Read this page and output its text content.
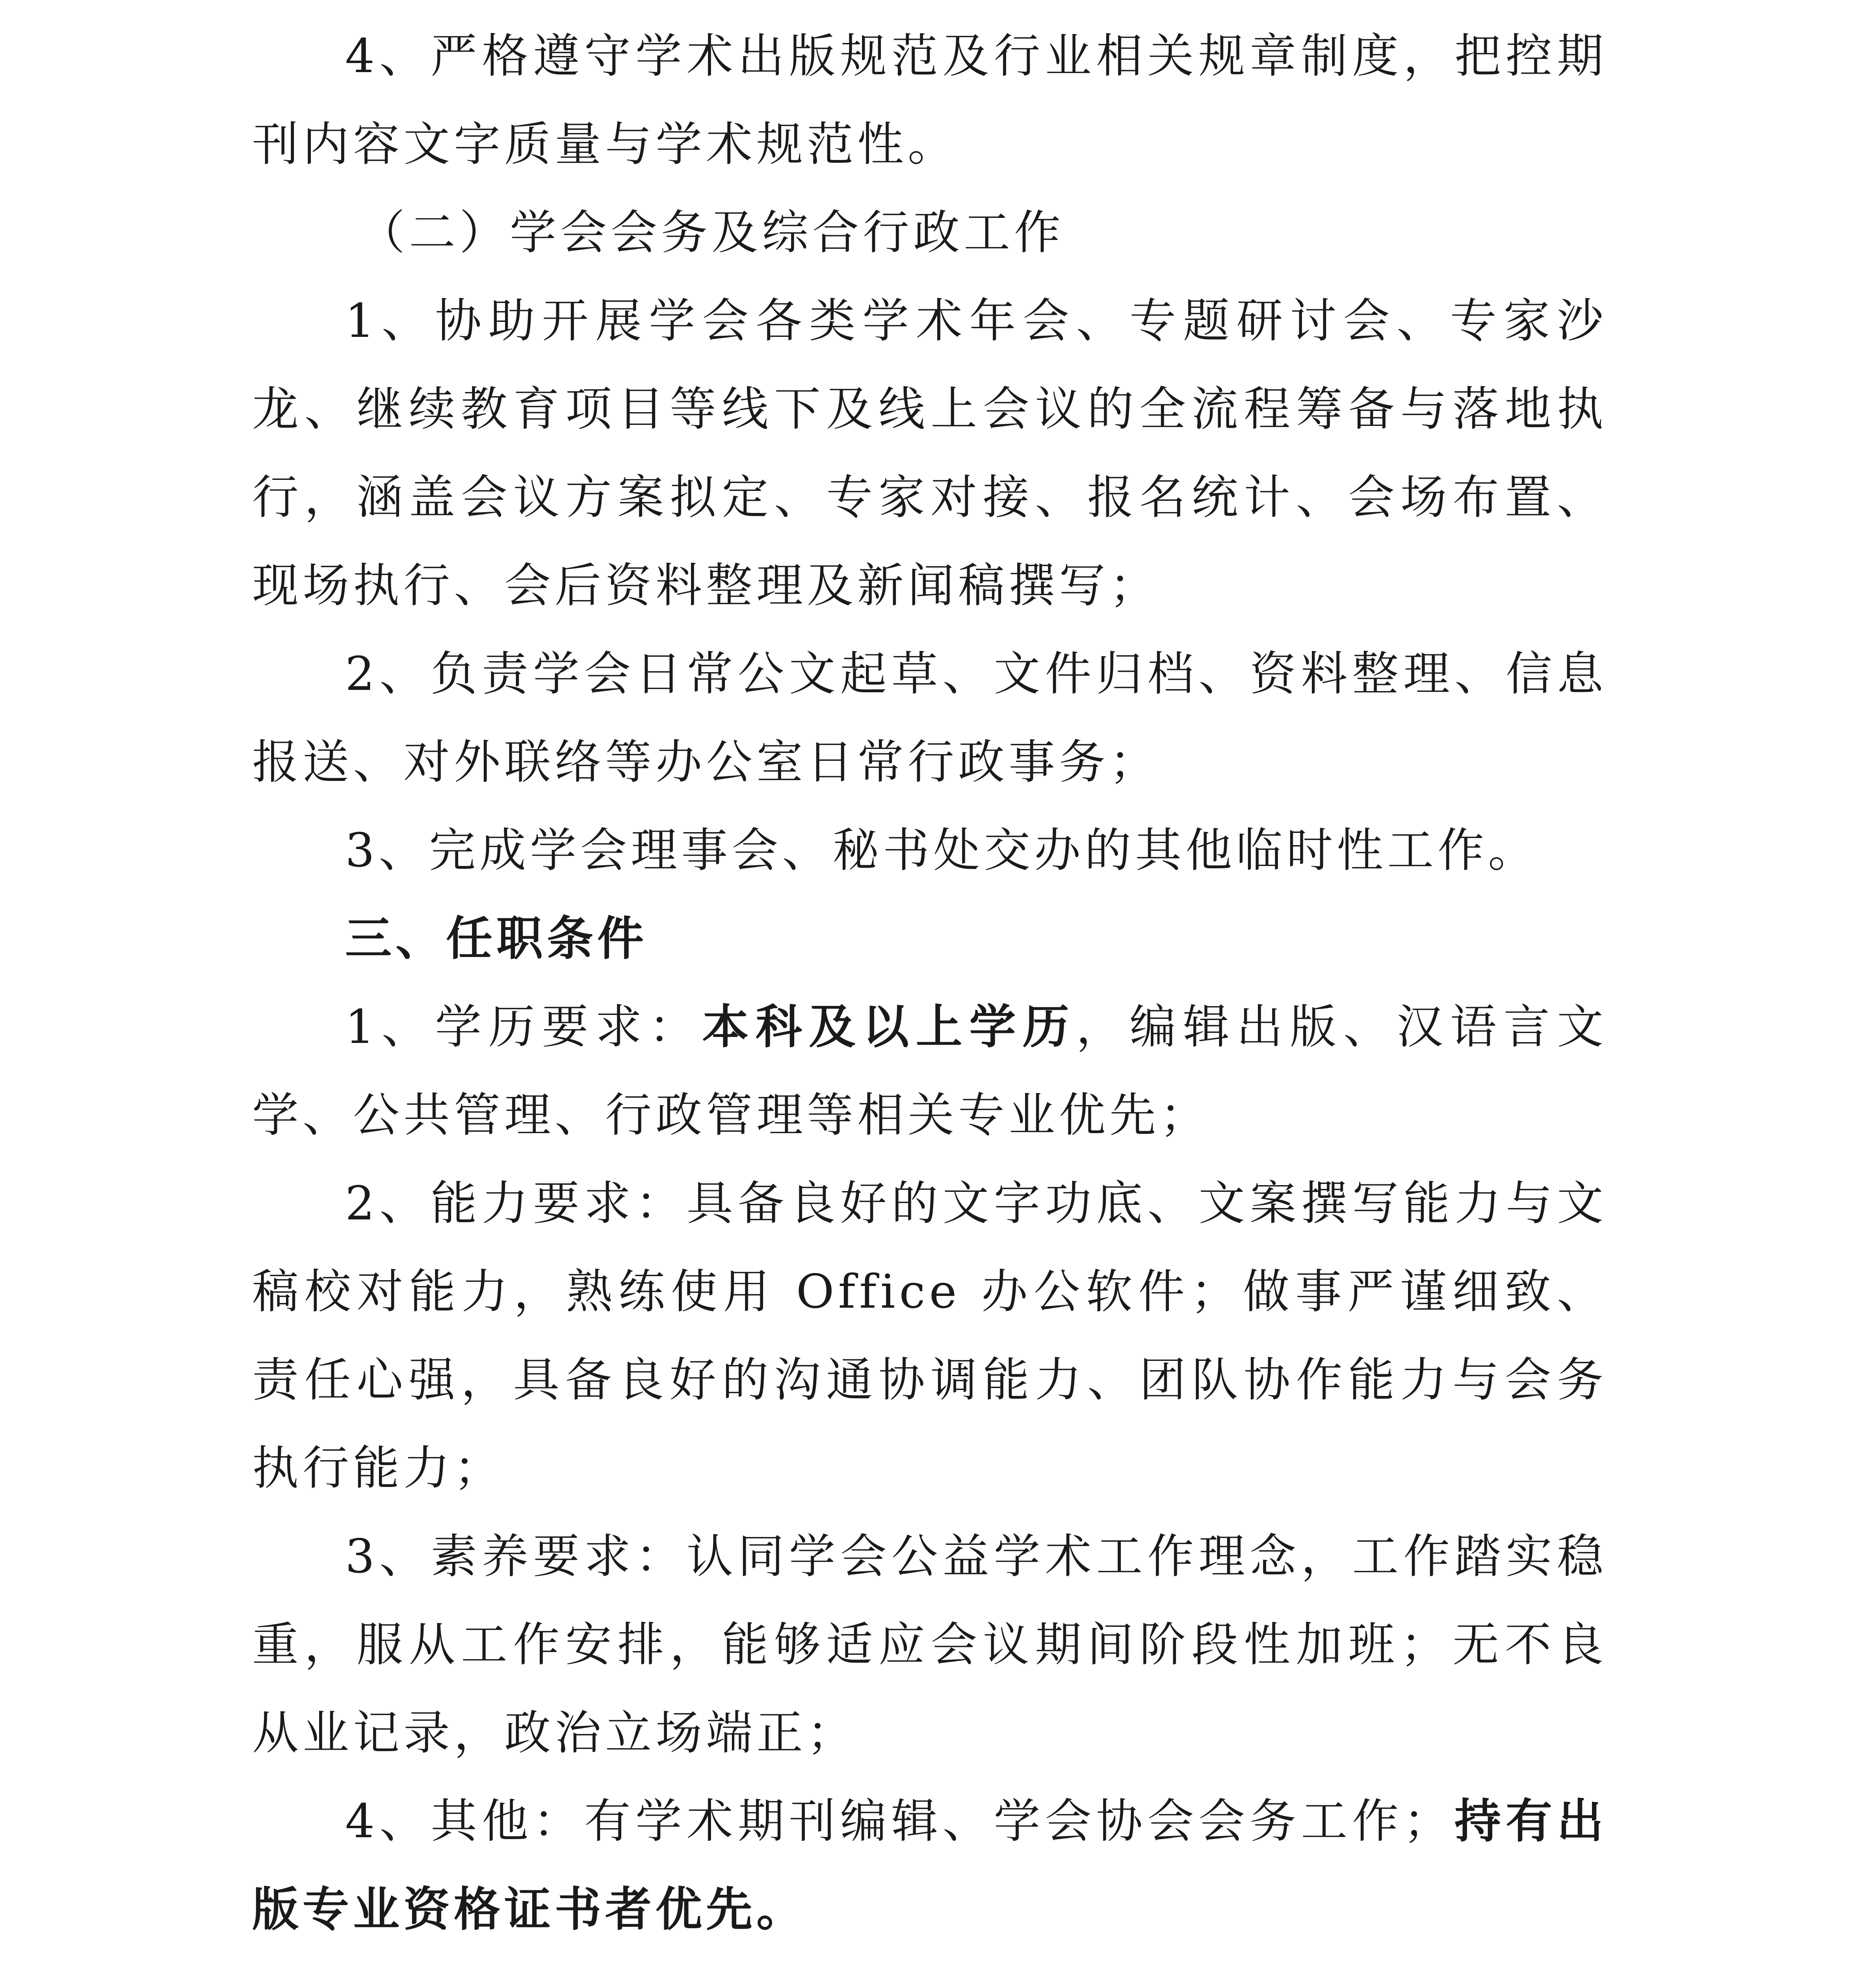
4、严格遵守学术出版规范及行业相关规章制度，把控期刊内容文字质量与学术规范性。

（二）学会会务及综合行政工作

1、协助开展学会各类学术年会、专题研讨会、专家沙龙、继续教育项目等线下及线上会议的全流程筹备与落地执行，涵盖会议方案拟定、专家对接、报名统计、会场布置、现场执行、会后资料整理及新闻稿撰写；

2、负责学会日常公文起草、文件归档、资料整理、信息报送、对外联络等办公室日常行政事务；

3、完成学会理事会、秘书处交办的其他临时性工作。

三、任职条件

1、学历要求：本科及以上学历，编辑出版、汉语言文学、公共管理、行政管理等相关专业优先；

2、能力要求：具备良好的文字功底、文案撰写能力与文稿校对能力，熟练使用 Office 办公软件；做事严谨细致、责任心强，具备良好的沟通协调能力、团队协作能力与会务执行能力；

3、素养要求：认同学会公益学术工作理念，工作踏实稳重，服从工作安排，能够适应会议期间阶段性加班；无不良从业记录，政治立场端正；

4、其他：有学术期刊编辑、学会协会会务工作；持有出版专业资格证书者优先。
